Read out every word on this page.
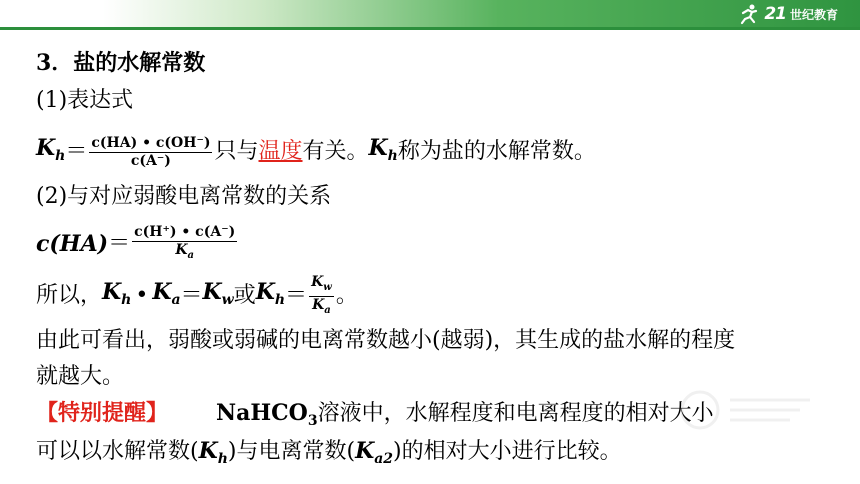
21 世纪教育
3．盐的水解常数
(1)表达式
$K_h = \frac{c(HA) • c(OH^-)}{c(A^-)}$ 只与 温度 有关。 $K_h$ 称为盐的水解常数。
(2)与对应弱酸电离常数的关系
$c(HA) = \frac{c(H^+) • c(A^-)}{K_a}$
所以， $K_h$ • $K_a = K_w$ 或 $K_h = \frac{K_w}{K_a}$ 。
由此可看出，弱酸或弱碱的电离常数越小(越弱)，其生成的盐水解的程度
就越大。
【特别提醒】 NaHCO$_3$溶液中，水解程度和电离程度的相对大小
可以以水解常数$(K_h)$与电离常数$(K_{a2})$的相对大小进行比较。
